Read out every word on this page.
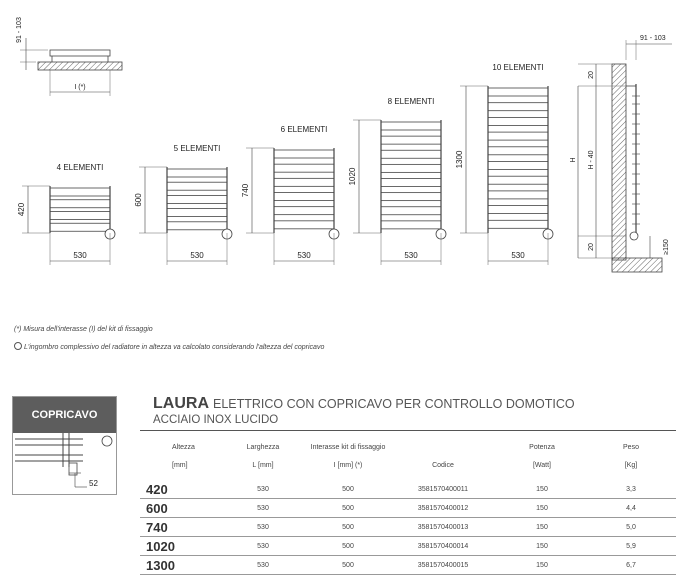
I (*)
91 - 103
530
420
4 ELEMENTI
530
600
5 ELEMENTI
530
740
6 ELEMENTI
530
1020
8 ELEMENTI
530
1300
10 ELEMENTI
91 - 103
20
H - 40
H
20	≥150
(*) Misura dell'interasse (I) del kit di fissaggio
L'ingombro complessivo del radiatore in altezza va calcolato considerando l'altezza del copricavo
COPRICAVO
52
LAURA ELETTRICO CON COPRICAVO PER CONTROLLO DOMOTICO
ACCIAIO INOX LUCIDO
Altezza	Larghezza	Interasse kit di fissaggio		Potenza	Peso
[mm]	L [mm]	I [mm] (*)	Codice	[Watt]	[Kg]
420	530	500	3581570400011	150	3,3
600	530	500	3581570400012	150	4,4
740	530	500	3581570400013	150	5,0
1020	530	500	3581570400014	150	5,9
1300	530	500	3581570400015	150	6,7
